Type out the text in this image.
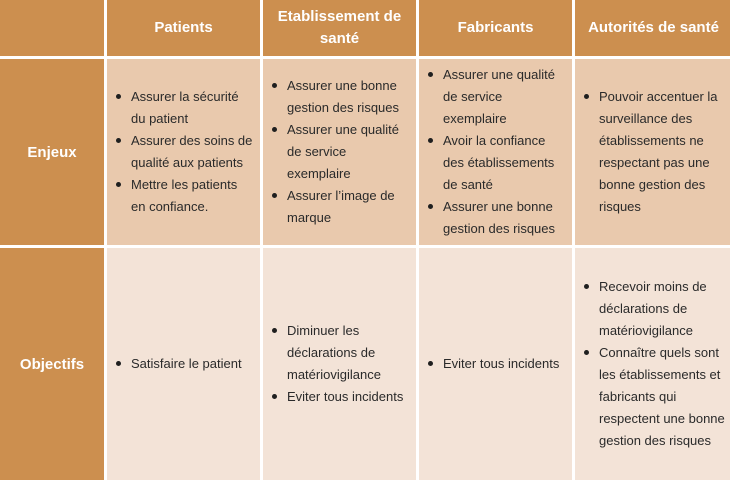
Patients
Etablissement de santé
Fabricants	Autorités de santé
Enjeux
Assurer la sécurité du patient
Assurer des soins de qualité aux patients
Mettre les patients en confiance.
Assurer une bonne gestion des risques
Assurer une qualité de service exemplaire
Assurer l’image de marque
Assurer une qualité de service exemplaire
Avoir la confiance des établissements de santé
Assurer une bonne gestion des risques
Pouvoir accentuer la surveillance des établissements ne respectant pas une bonne gestion des risques
Objectifs	Satisfaire le patient
Diminuer les déclarations de matériovigilance
Eviter tous incidents
Eviter tous incidents
Recevoir moins de déclarations de matériovigilance
Connaître quels sont les établissements et fabricants qui respectent une bonne gestion des risques
